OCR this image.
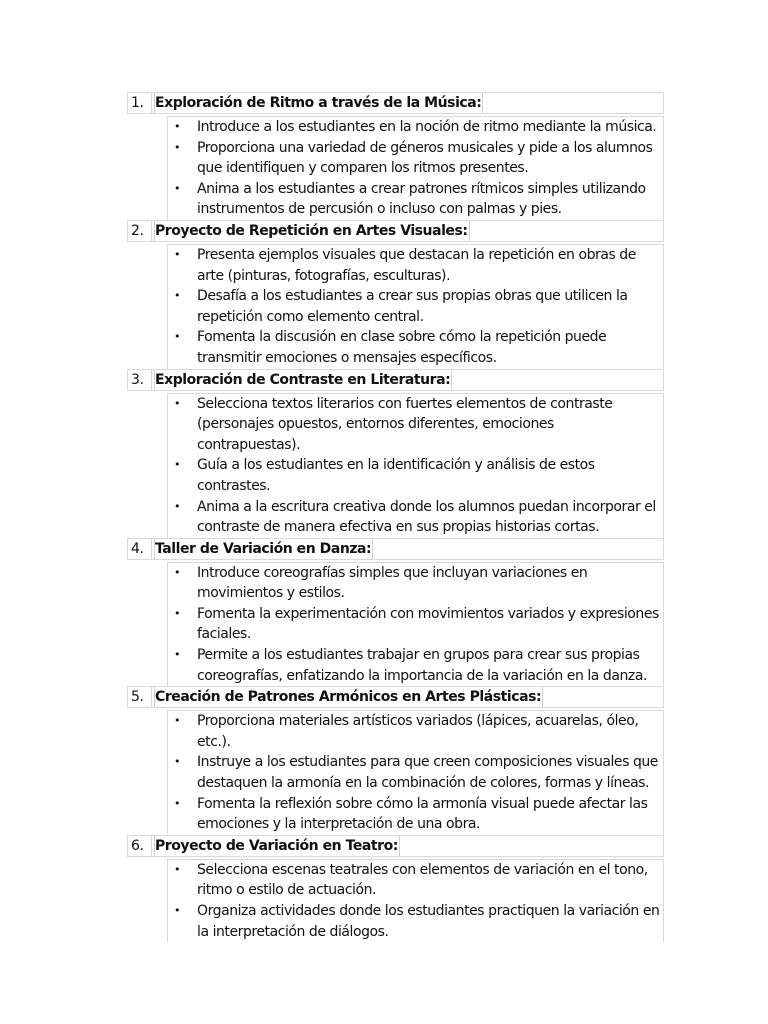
1. Exploración de Ritmo a través de la Música:
• Introduce a los estudiantes en la noción de ritmo mediante la música.
• Proporciona una variedad de géneros musicales y pide a los alumnos que identifiquen y comparen los ritmos presentes.
• Anima a los estudiantes a crear patrones rítmicos simples utilizando instrumentos de percusión o incluso con palmas y pies.
2. Proyecto de Repetición en Artes Visuales:
• Presenta ejemplos visuales que destacan la repetición en obras de arte (pinturas, fotografías, esculturas).
• Desafía a los estudiantes a crear sus propias obras que utilicen la repetición como elemento central.
• Fomenta la discusión en clase sobre cómo la repetición puede transmitir emociones o mensajes específicos.
3. Exploración de Contraste en Literatura:
• Selecciona textos literarios con fuertes elementos de contraste (personajes opuestos, entornos diferentes, emociones contrapuestas).
• Guía a los estudiantes en la identificación y análisis de estos contrastes.
• Anima a la escritura creativa donde los alumnos puedan incorporar el contraste de manera efectiva en sus propias historias cortas.
4. Taller de Variación en Danza:
• Introduce coreografías simples que incluyan variaciones en movimientos y estilos.
• Fomenta la experimentación con movimientos variados y expresiones faciales.
• Permite a los estudiantes trabajar en grupos para crear sus propias coreografías, enfatizando la importancia de la variación en la danza.
5. Creación de Patrones Armónicos en Artes Plásticas:
• Proporciona materiales artísticos variados (lápices, acuarelas, óleo, etc.).
• Instruye a los estudiantes para que creen composiciones visuales que destaquen la armonía en la combinación de colores, formas y líneas.
• Fomenta la reflexión sobre cómo la armonía visual puede afectar las emociones y la interpretación de una obra.
6. Proyecto de Variación en Teatro:
• Selecciona escenas teatrales con elementos de variación en el tono, ritmo o estilo de actuación.
• Organiza actividades donde los estudiantes practiquen la variación en la interpretación de diálogos.
